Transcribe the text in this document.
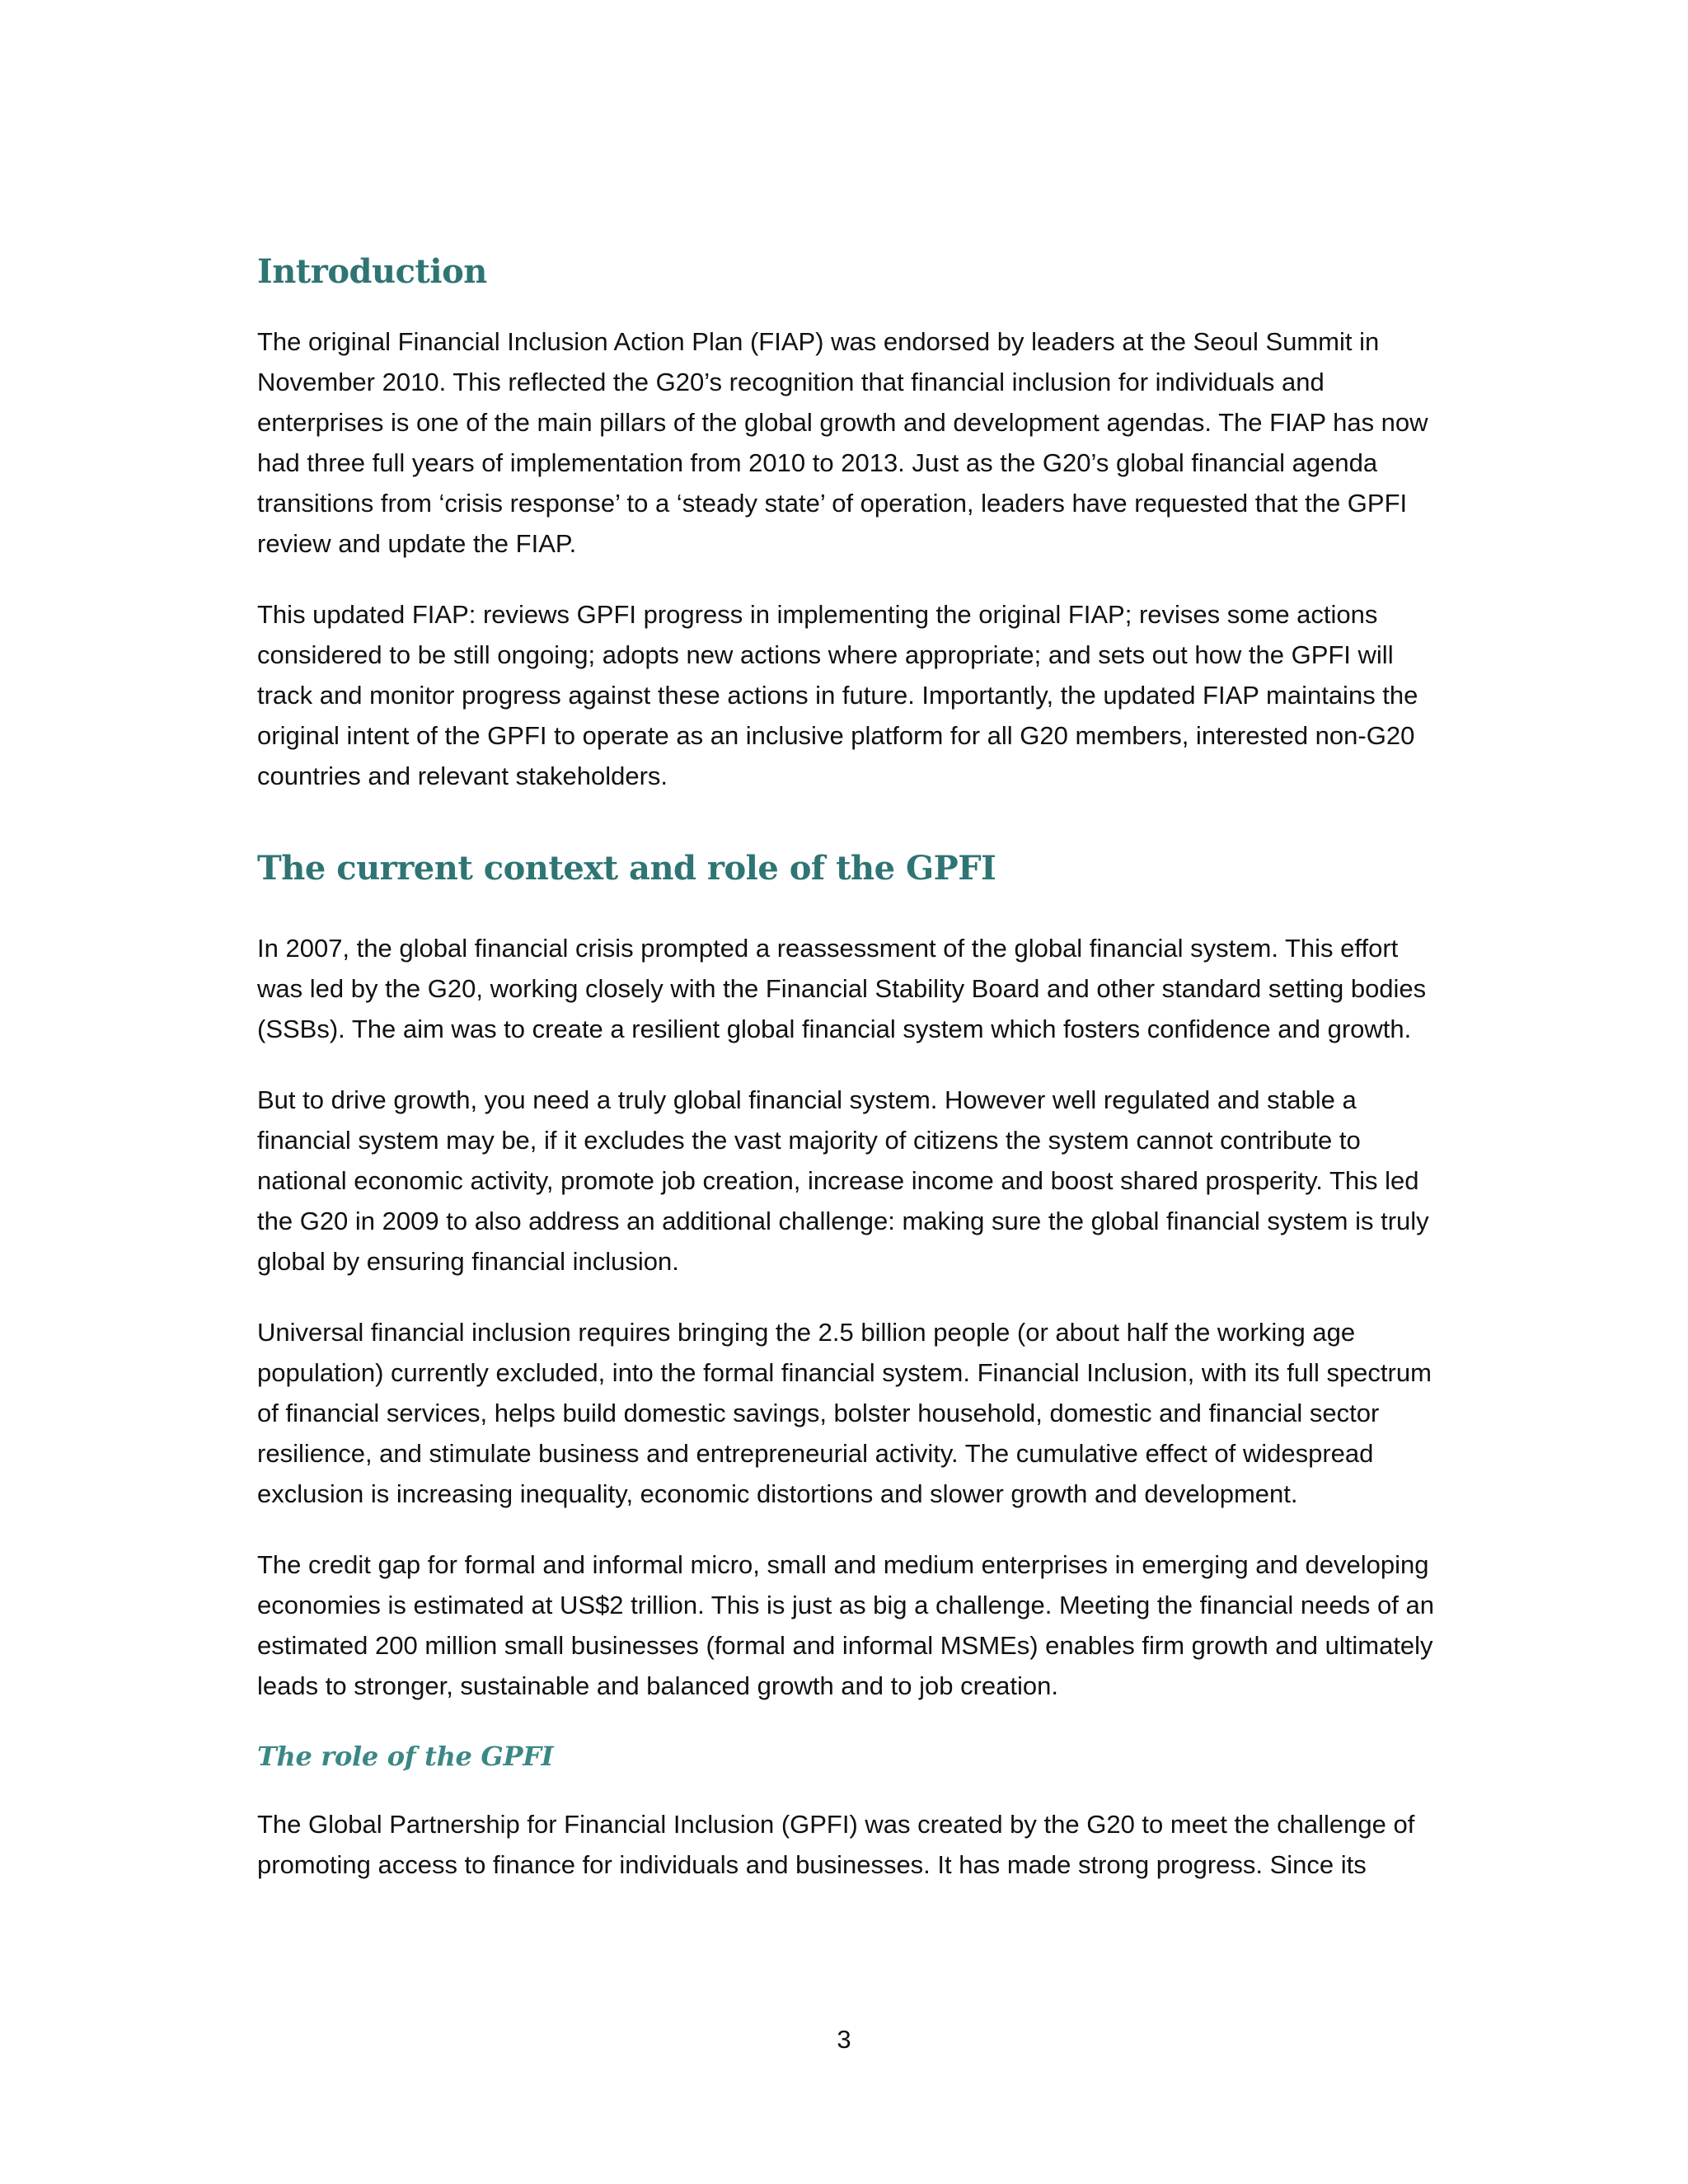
Introduction

The original Financial Inclusion Action Plan (FIAP) was endorsed by leaders at the Seoul Summit in November 2010. This reflected the G20’s recognition that financial inclusion for individuals and enterprises is one of the main pillars of the global growth and development agendas. The FIAP has now had three full years of implementation from 2010 to 2013. Just as the G20’s global financial agenda transitions from ‘crisis response’ to a ‘steady state’ of operation, leaders have requested that the GPFI review and update the FIAP.

This updated FIAP: reviews GPFI progress in implementing the original FIAP; revises some actions considered to be still ongoing; adopts new actions where appropriate; and sets out how the GPFI will track and monitor progress against these actions in future. Importantly, the updated FIAP maintains the original intent of the GPFI to operate as an inclusive platform for all G20 members, interested non-G20 countries and relevant stakeholders.

The current context and role of the GPFI

In 2007, the global financial crisis prompted a reassessment of the global financial system. This effort was led by the G20, working closely with the Financial Stability Board and other standard setting bodies (SSBs). The aim was to create a resilient global financial system which fosters confidence and growth.

But to drive growth, you need a truly global financial system. However well regulated and stable a financial system may be, if it excludes the vast majority of citizens the system cannot contribute to national economic activity, promote job creation, increase income and boost shared prosperity. This led the G20 in 2009 to also address an additional challenge: making sure the global financial system is truly global by ensuring financial inclusion.

Universal financial inclusion requires bringing the 2.5 billion people (or about half the working age population) currently excluded, into the formal financial system. Financial Inclusion, with its full spectrum of financial services, helps build domestic savings, bolster household, domestic and financial sector resilience, and stimulate business and entrepreneurial activity. The cumulative effect of widespread exclusion is increasing inequality, economic distortions and slower growth and development.

The credit gap for formal and informal micro, small and medium enterprises in emerging and developing economies is estimated at US$2 trillion. This is just as big a challenge. Meeting the financial needs of an estimated 200 million small businesses (formal and informal MSMEs) enables firm growth and ultimately leads to stronger, sustainable and balanced growth and to job creation.

The role of the GPFI

The Global Partnership for Financial Inclusion (GPFI) was created by the G20 to meet the challenge of promoting access to finance for individuals and businesses. It has made strong progress. Since its

3
